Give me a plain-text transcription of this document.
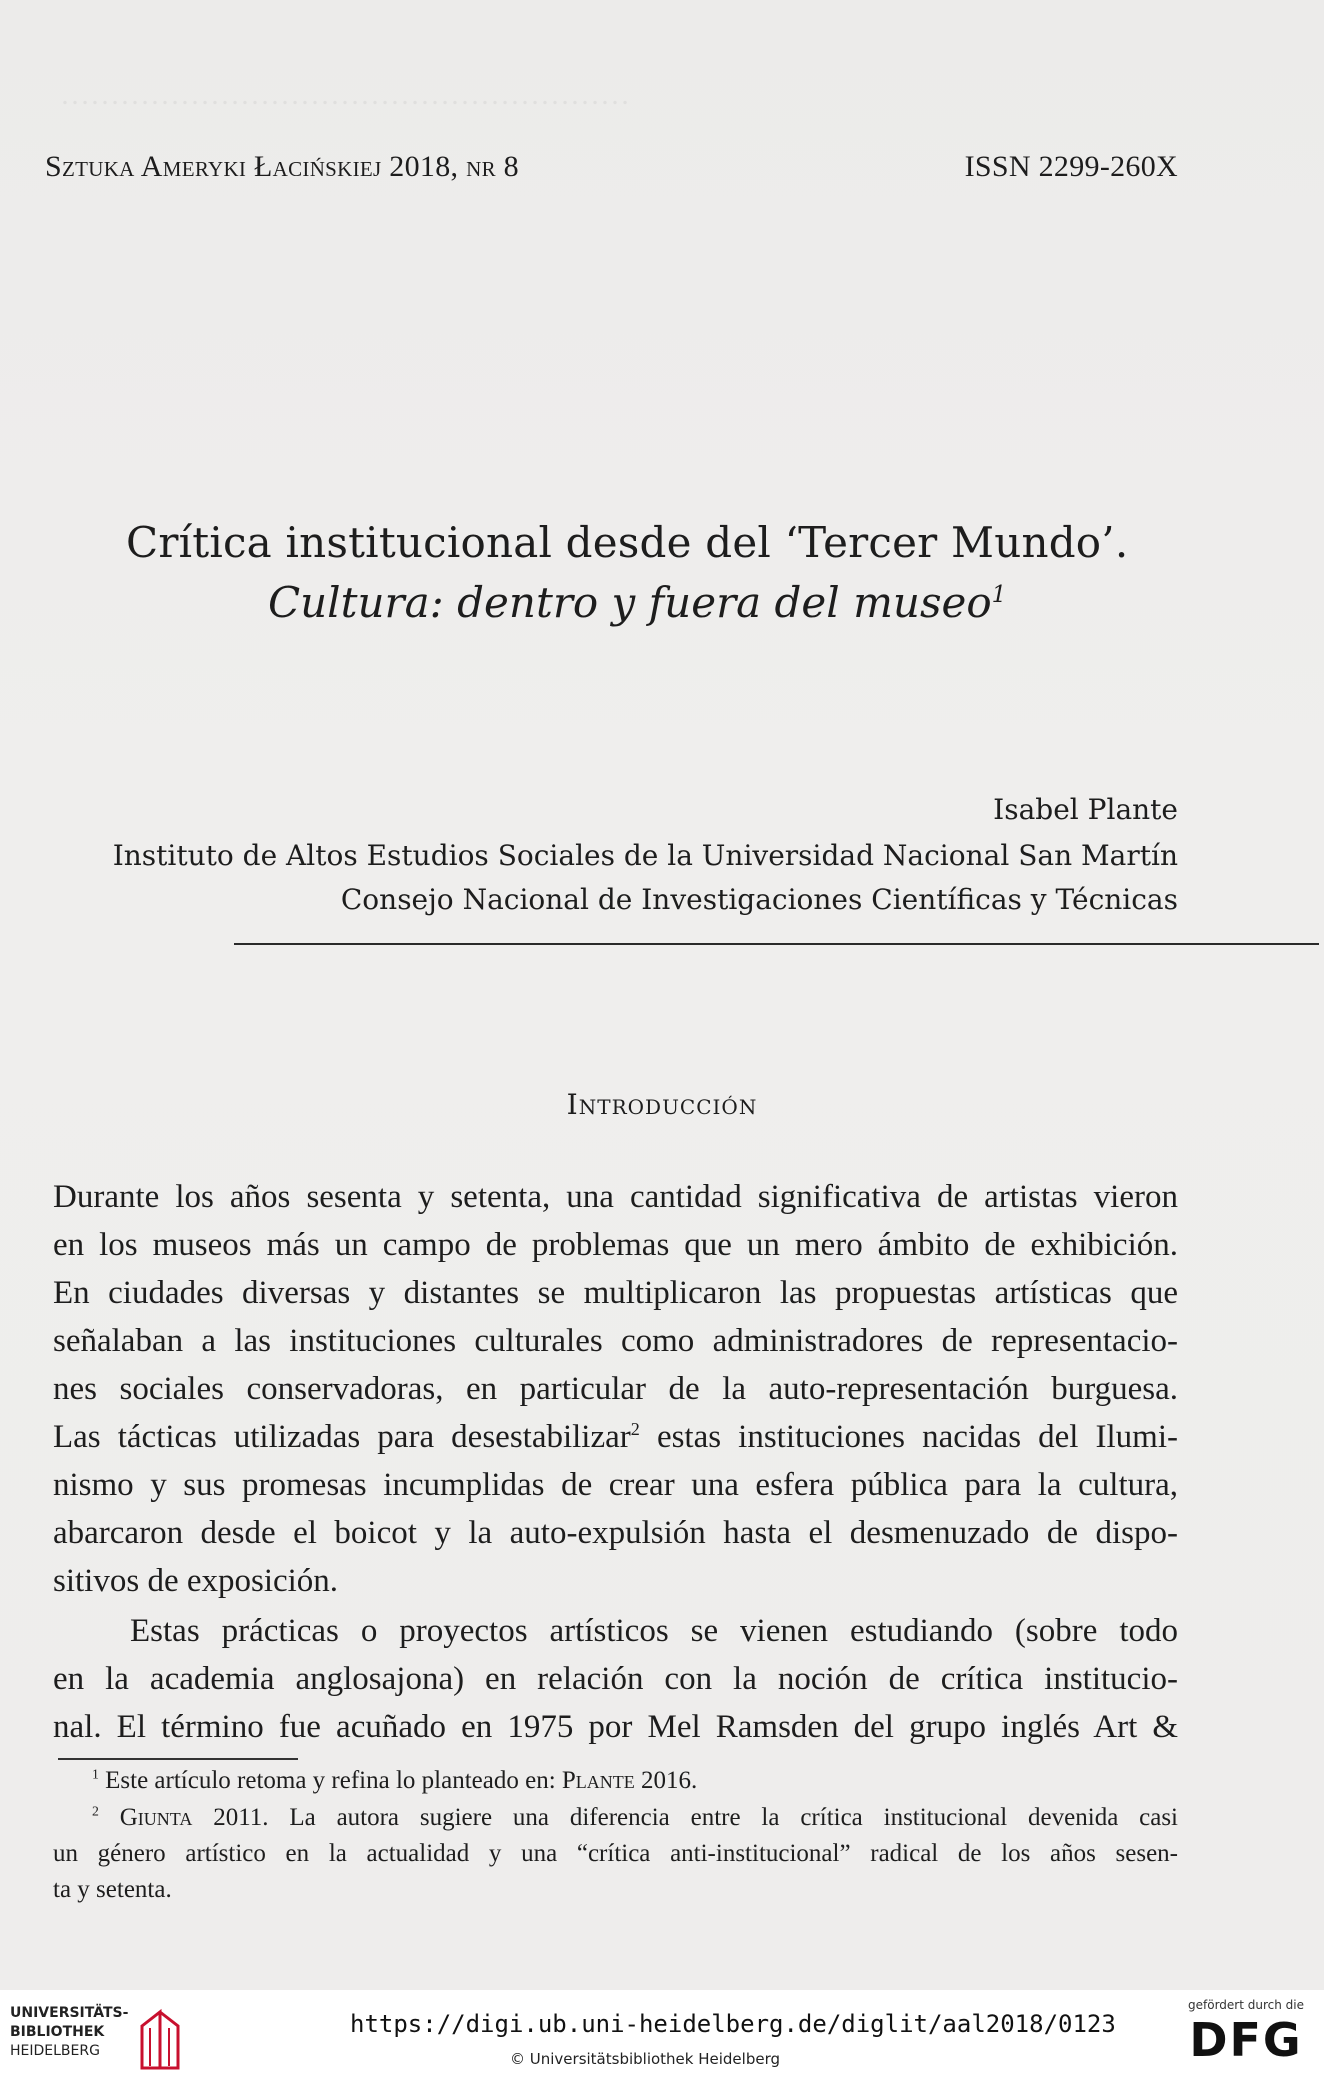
…………………………………………………
Sztuka Ameryki Łacińskiej 2018, nr 8	ISSN 2299-260X
Crítica institucional desde del ‘Tercer Mundo’.
Cultura: dentro y fuera del museo$^1$
Isabel Plante
Instituto de Altos Estudios Sociales de la Universidad Nacional San Martín
Consejo Nacional de Investigaciones Científicas y Técnicas
Introducción
Durante los años sesenta y setenta, una cantidad significativa de artistas vieron
en los museos más un campo de problemas que un mero ámbito de exhibición.
En ciudades diversas y distantes se multiplicaron las propuestas artísticas que
señalaban a las instituciones culturales como administradores de representacio-
nes sociales conservadoras, en particular de la auto-representación burguesa.
Las tácticas utilizadas para desestabilizar$^2$ estas instituciones nacidas del Ilumi-
nismo y sus promesas incumplidas de crear una esfera pública para la cultura,
abarcaron desde el boicot y la auto-expulsión hasta el desmenuzado de dispo-
sitivos de exposición.
Estas prácticas o proyectos artísticos se vienen estudiando (sobre todo
en la academia anglosajona) en relación con la noción de crítica institucio-
nal. El término fue acuñado en 1975 por Mel Ramsden del grupo inglés Art &
$^1$ Este artículo retoma y refina lo planteado en: Plante 2016.
$^2$ Giunta 2011. La autora sugiere una diferencia entre la crítica institucional devenida casi
un género artístico en la actualidad y una “crítica anti-institucional” radical de los años sesen-
ta y setenta.
UNIVERSITÄTS-
BIBLIOTHEK
HEIDELBERG
https://digi.ub.uni-heidelberg.de/diglit/aal2018/0123
© Universitätsbibliothek Heidelberg
gefördert durch die
DFG
